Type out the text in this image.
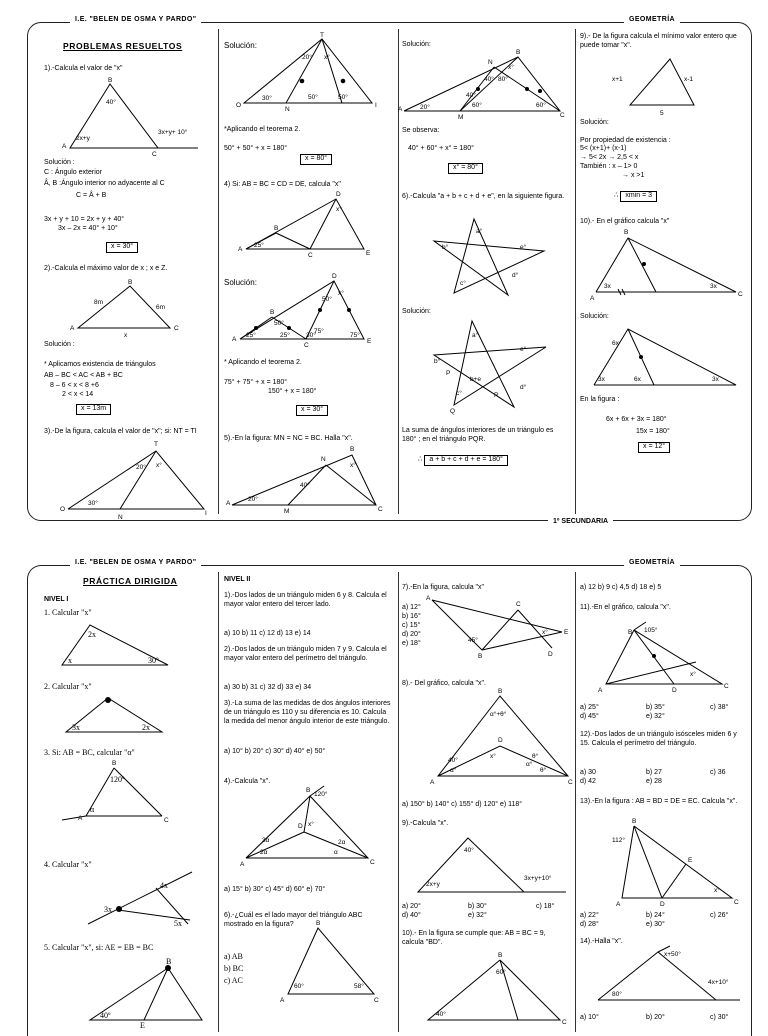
I.E. "BELEN DE OSMA Y PARDO"	GEOMETRÍA
1º SECUNDARIA
PROBLEMAS RESUELTOS
1).-Calcula el valor de "x"
40°
2x+y
3x+y+ 10°
A
B
C
Solución :
C : Ángulo exterior
Â, B :Ángulo interior no adyacente al C
C = Â + B
3x + y + 10 = 2x + y + 40°
3x – 2x = 40° + 10°
x = 30°
2).-Calcula el máximo valor de x ; x e Z.
8m
6m
x
A
B
C
Solución :
* Aplicamos existencia de triángulos
AB – BC < AC < AB + BC
8 – 6 < x < 8 +6
2 < x < 14
x = 13m
3).-De la figura, calcula el valor de "x"; si: NT = TI
T
O
N
I
20° x°
30°
Solución:
T
O
N
I
20° x°
30°	50°	50°
*Aplicando el teorema 2.
50° + 50° + x = 180°
x = 80°
4) Si: AB = BC = CD = DE, calcula "x"
A
B
C
D
E
25°
x°
Solución:
A
B
C
D
E
25°	25°
50°
30°
75°
75°
50°
x°
* Aplicando el teorema 2.
75° + 75° + x = 180°
150° + x = 180°
x = 30°
5).-En la figura: MN = NC = BC. Halla "x".
A
M
N
B
C
20°
40°
x°
Solución:
A
M
N
B
C
20°
40°
40° 80°
60°	60°
x°
Se observa:
40° + 60° + x° = 180°
x° = 80°
6).-Calcula "a + b + c + d + e", en la siguiente figura.
a°
b°
c°
d°
e°
Solución:
a°
b°
c°
d°
e°
P
Q
R
b+e
La suma de ángulos interiores de un triángulo es 180° ; en el triángulo PQR.
∴ a + b + c + d + e = 180°
9).- De la figura calcula el mínimo valor entero que puede tomar "x".
x+1	x-1
5
Solución:
Por propiedad de existencia :
5< (x+1)+ (x-1)
→ 5< 2x → 2,5 < x
También : x – 1> 0
→ x >1
∴ xmin = 3
10).- En el gráfico calcula "x"
B
A
C
3x	3x
Solución:
6x
3x	6x	3x
En la figura :
6x + 6x + 3x = 180°
15x = 180°
x = 12°
I.E. "BELEN DE OSMA Y PARDO"	GEOMETRÍA
PRÁCTICA DIRIGIDA
NIVEL I
1. Calcular "x"
2x
x	30º
2. Calcular "x"
3x	2x
3. Si: AB = BC, calcular "α"
B
A	C
120º
α
4. Calcular "x"
4x
3x
5x
5. Calcular "x", si: AE = EB = BC
B
40º
E
NIVEL II
1).-Dos lados de un triángulo miden 6 y 8. Calcula el mayor valor entero del tercer lado.
a) 10 b) 11 c) 12 d) 13 e) 14
2).-Dos lados de un triángulo miden 7 y 9. Calcula el mayor valor entero del perímetro del triángulo.
a) 30 b) 31 c) 32 d) 33 e) 34
3).-La suma de las medidas de dos ángulos interiores de un triángulo es 110 y su diferencia es 10. Calcula la medida del menor ángulo interior de este triángulo.
a) 10° b) 20° c) 30° d) 40° e) 50°
4).-Calcula "x".
120°
B
3α
2α
2α
α
x°
A	C
D
a) 15° b) 30° c) 45° d) 60° e) 70°
6).-¿Cuál es el lado mayor del triángulo ABC mostrado en la figura?
a) AB
b) BC
c) AC
B
A	C
60°	58°
7).-En la figura, calcula "x"
a) 12°
b) 16°
c) 15°
d) 20°
e) 18°
A
B
C
D
E
45°
x°
8).- Del gráfico, calcula "x".
B
D
A	C
α°+θ°
40°
x°	θ°
α°	θ°
α°
a) 150° b) 140° c) 155° d) 120° e) 118°
9).-Calcula "x".
40°
2x+y
3x+y+10°
a) 20°	b) 30°	c) 18°
d) 40°	e) 32°
10).- En la figura se cumple que: AB = BC = 9, calcula "BD".
B
60°
40°
C
a) 12 b) 9 c) 4,5 d) 18 e) 5
11).-En el gráfico, calcula "x".
105°
x°
B
A
C
D
a) 25°	b) 35°	c) 38°
d) 45°	e) 32°
12).-Dos lados de un triángulo isósceles miden 6 y 15. Calcula el perímetro del triángulo.
a) 30	b) 27	c) 36
d) 42	e) 28
13).-En la figura : AB = BD = DE = EC. Calcula "x".
B
112°
x°
A	C
D
E
a) 22°	b) 24°	c) 26°
d) 28°	e) 30°
14).-Halla "x".
x+50°
4x+10°
80°
a) 10°	b) 20°	c) 30°
